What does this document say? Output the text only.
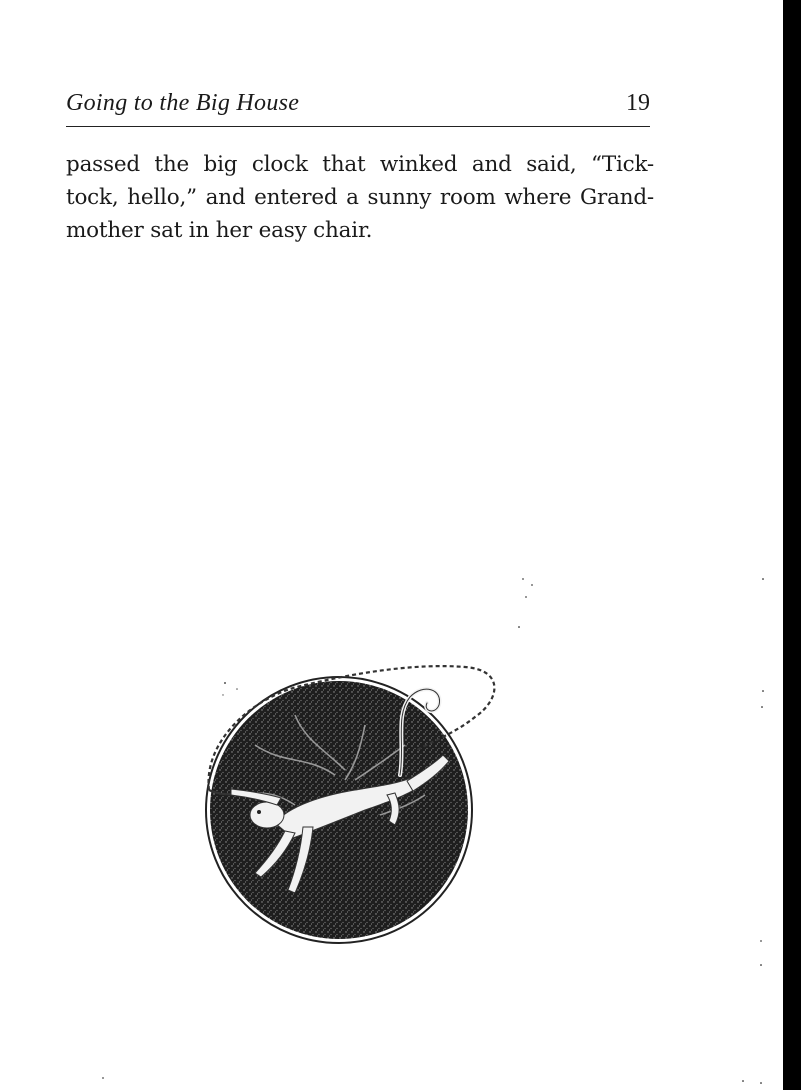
Going to the Big House	19

passed the big clock that winked and said, “Tick-
tock, hello,” and entered a sunny room where Grand-
mother sat in her easy chair.
